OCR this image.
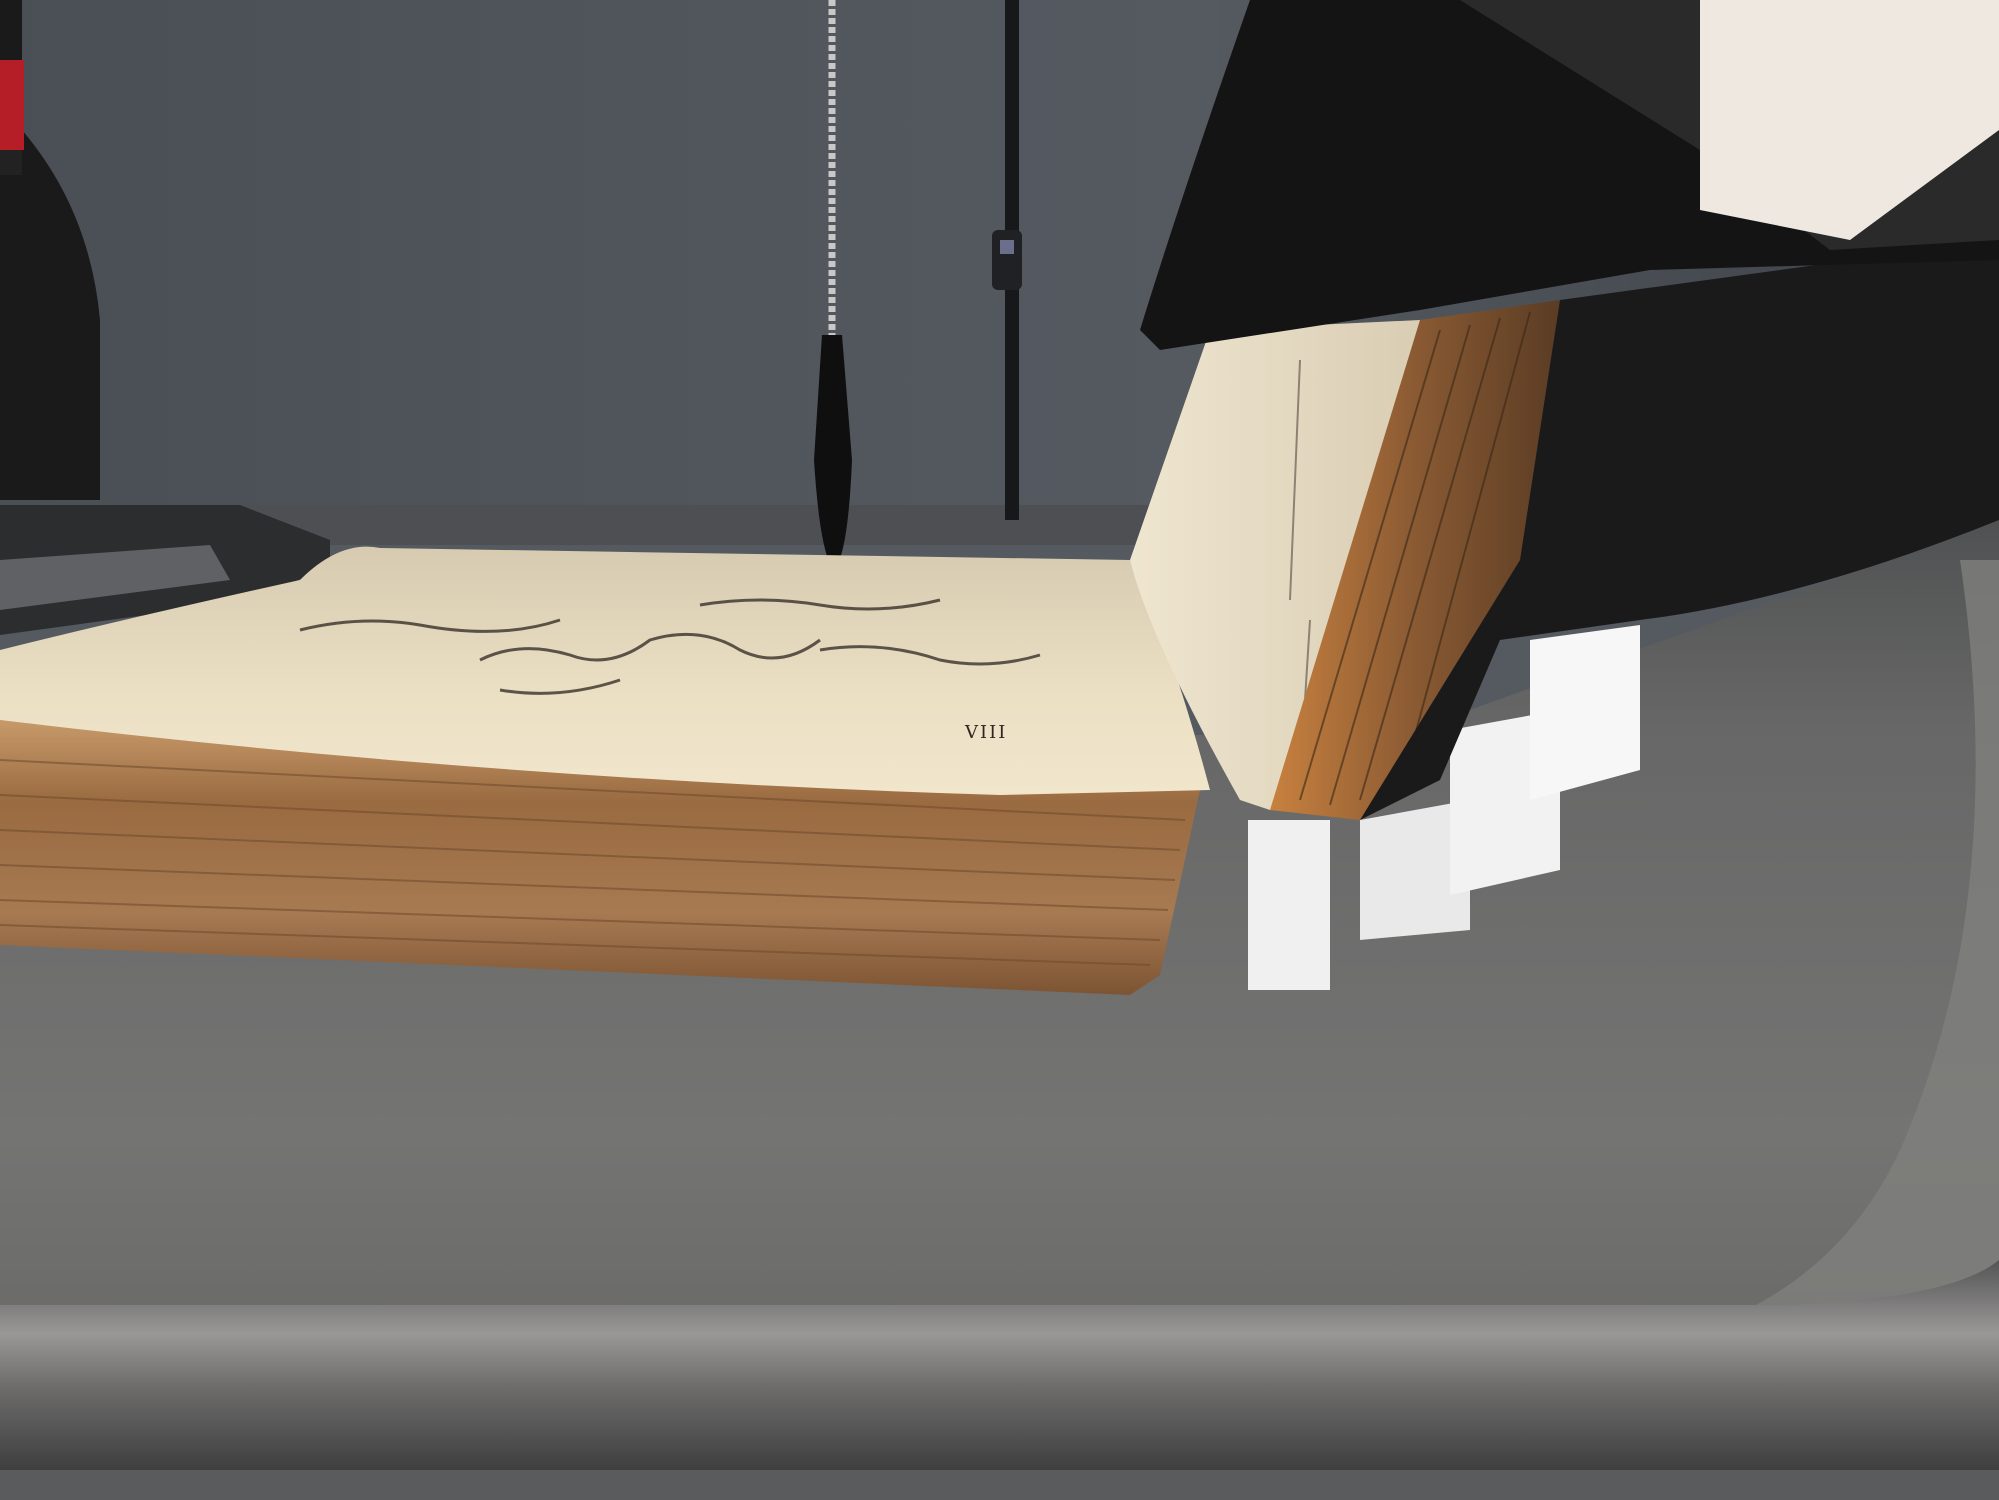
VIII
